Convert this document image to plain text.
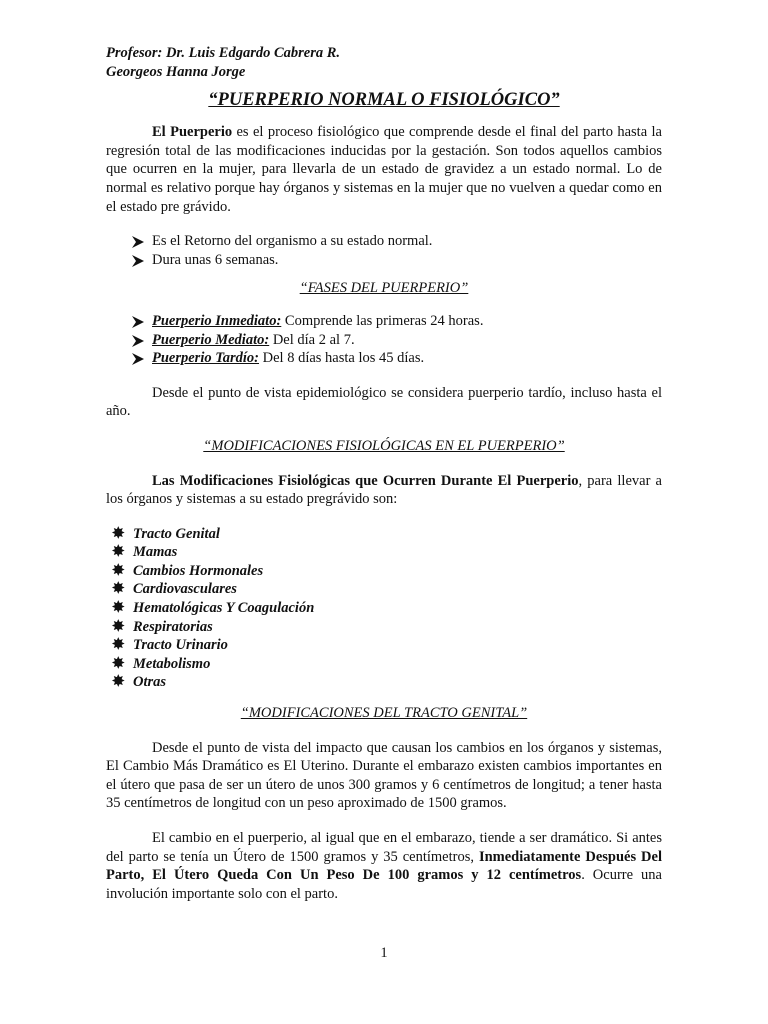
Profesor: Dr. Luis Edgardo Cabrera R.

Georgeos Hanna Jorge

“PUERPERIO NORMAL O FISIOLÓGICO”

El Puerperio es el proceso fisiológico que comprende desde el final del parto hasta la regresión total de las modificaciones inducidas por la gestación. Son todos aquellos cambios que ocurren en la mujer, para llevarla de un estado de gravidez a un estado normal. Lo de normal es relativo porque hay órganos y sistemas en la mujer que no vuelven a quedar como en el estado pre grávido.

Es el Retorno del organismo a su estado normal.
Dura unas 6 semanas.

“FASES DEL PUERPERIO”

Puerperio Inmediato: Comprende las primeras 24 horas.
Puerperio Mediato: Del día 2 al 7.
Puerperio Tardío: Del 8 días hasta los 45 días.

Desde el punto de vista epidemiológico se considera puerperio tardío, incluso hasta el año.

“MODIFICACIONES FISIOLÓGICAS EN EL PUERPERIO”

Las Modificaciones Fisiológicas que Ocurren Durante El Puerperio, para llevar a los órganos y sistemas a su estado pregrávido son:

✸ Tracto Genital
✸ Mamas
✸ Cambios Hormonales
✸ Cardiovasculares
✸ Hematológicas Y Coagulación
✸ Respiratorias
✸ Tracto Urinario
✸ Metabolismo
✸ Otras

“MODIFICACIONES DEL TRACTO GENITAL”

Desde el punto de vista del impacto que causan los cambios en los órganos y sistemas, El Cambio Más Dramático es El Uterino. Durante el embarazo existen cambios importantes en el útero que pasa de ser un útero de unos 300 gramos y 6 centímetros de longitud; a tener hasta 35 centímetros de longitud con un peso aproximado de 1500 gramos.

El cambio en el puerperio, al igual que en el embarazo, tiende a ser dramático. Si antes del parto se tenía un Útero de 1500 gramos y 35 centímetros, Inmediatamente Después Del Parto, El Útero Queda Con Un Peso De 100 gramos y 12 centímetros. Ocurre una involución importante solo con el parto.

1
